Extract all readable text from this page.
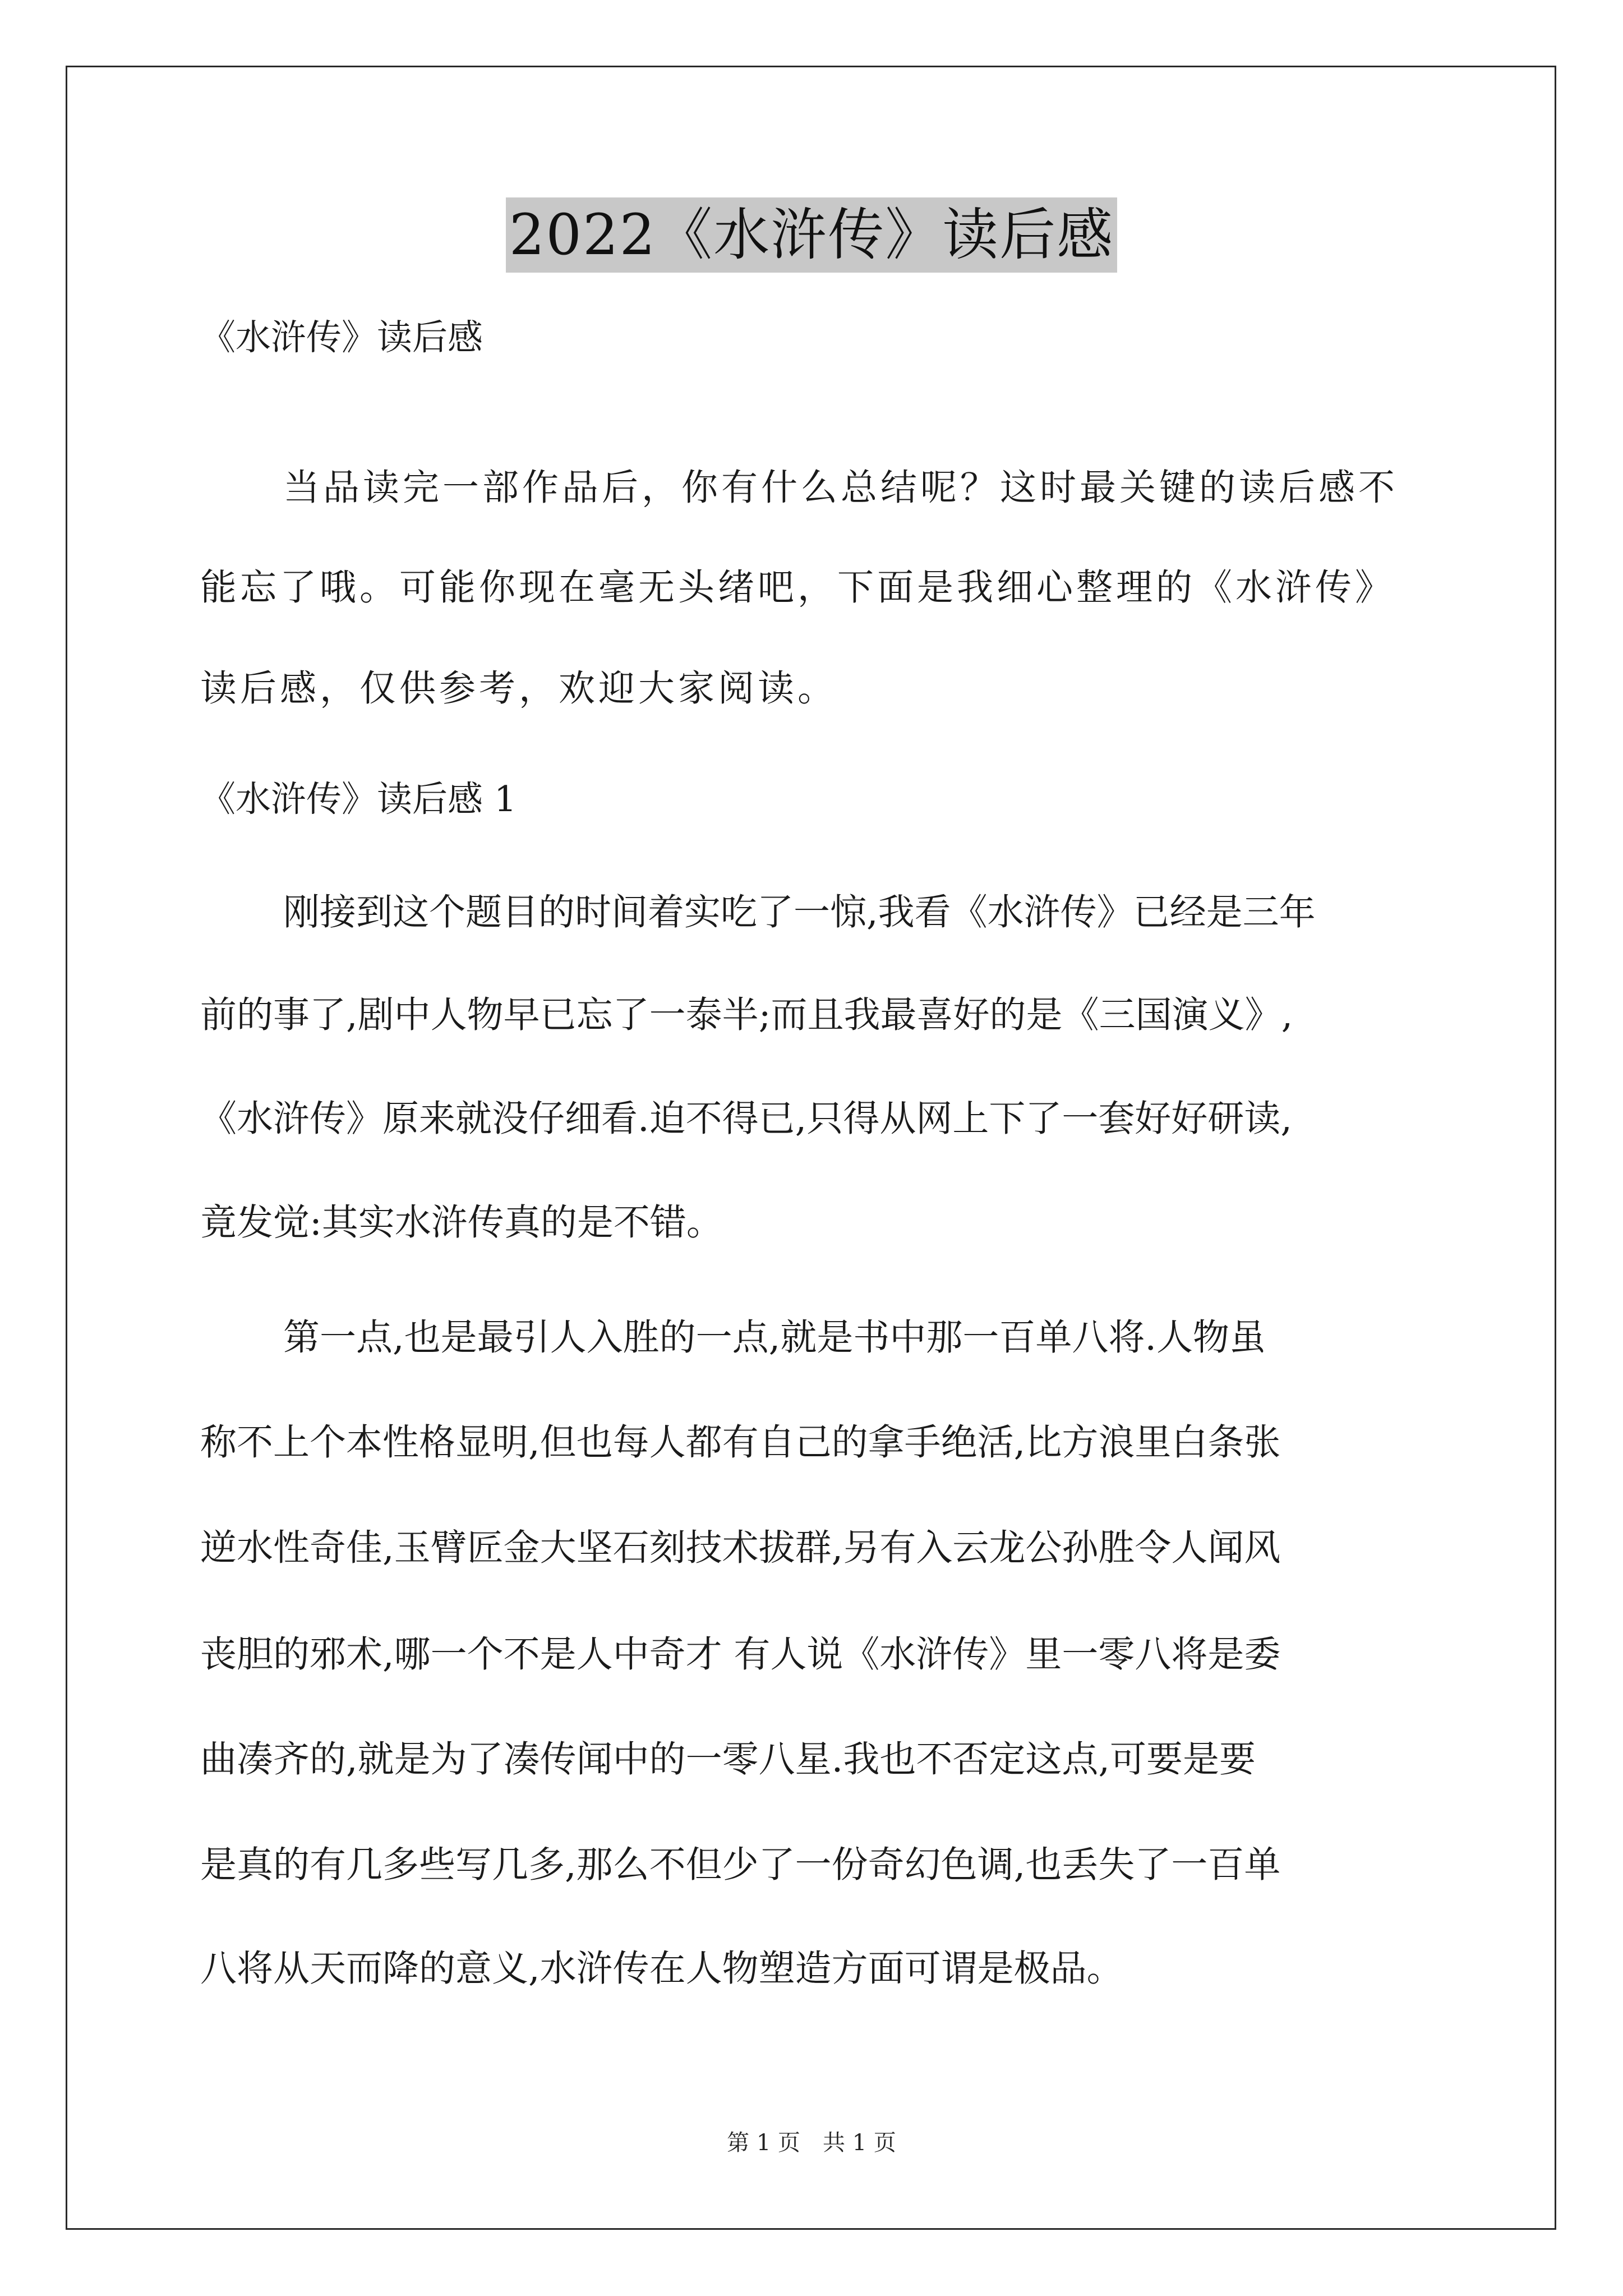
2022《水浒传》读后感
《水浒传》读后感
当品读完一部作品后，你有什么总结呢？这时最关键的读后感不
能忘了哦。可能你现在毫无头绪吧，下面是我细心整理的《水浒传》
读后感，仅供参考，欢迎大家阅读。
《水浒传》读后感 1
刚接到这个题目的时间着实吃了一惊,我看《水浒传》已经是三年
前的事了,剧中人物早已忘了一泰半;而且我最喜好的是《三国演义》,
《水浒传》原来就没仔细看.迫不得已,只得从网上下了一套好好研读,
竟发觉:其实水浒传真的是不错。
第一点,也是最引人入胜的一点,就是书中那一百单八将.人物虽
称不上个本性格显明,但也每人都有自己的拿手绝活,比方浪里白条张
逆水性奇佳,玉臂匠金大坚石刻技术拔群,另有入云龙公孙胜令人闻风
丧胆的邪术,哪一个不是人中奇才 有人说《水浒传》里一零八将是委
曲凑齐的,就是为了凑传闻中的一零八星.我也不否定这点,可要是要
是真的有几多些写几多,那么不但少了一份奇幻色调,也丢失了一百单
八将从天而降的意义,水浒传在人物塑造方面可谓是极品。
第 1 页　共 1 页
